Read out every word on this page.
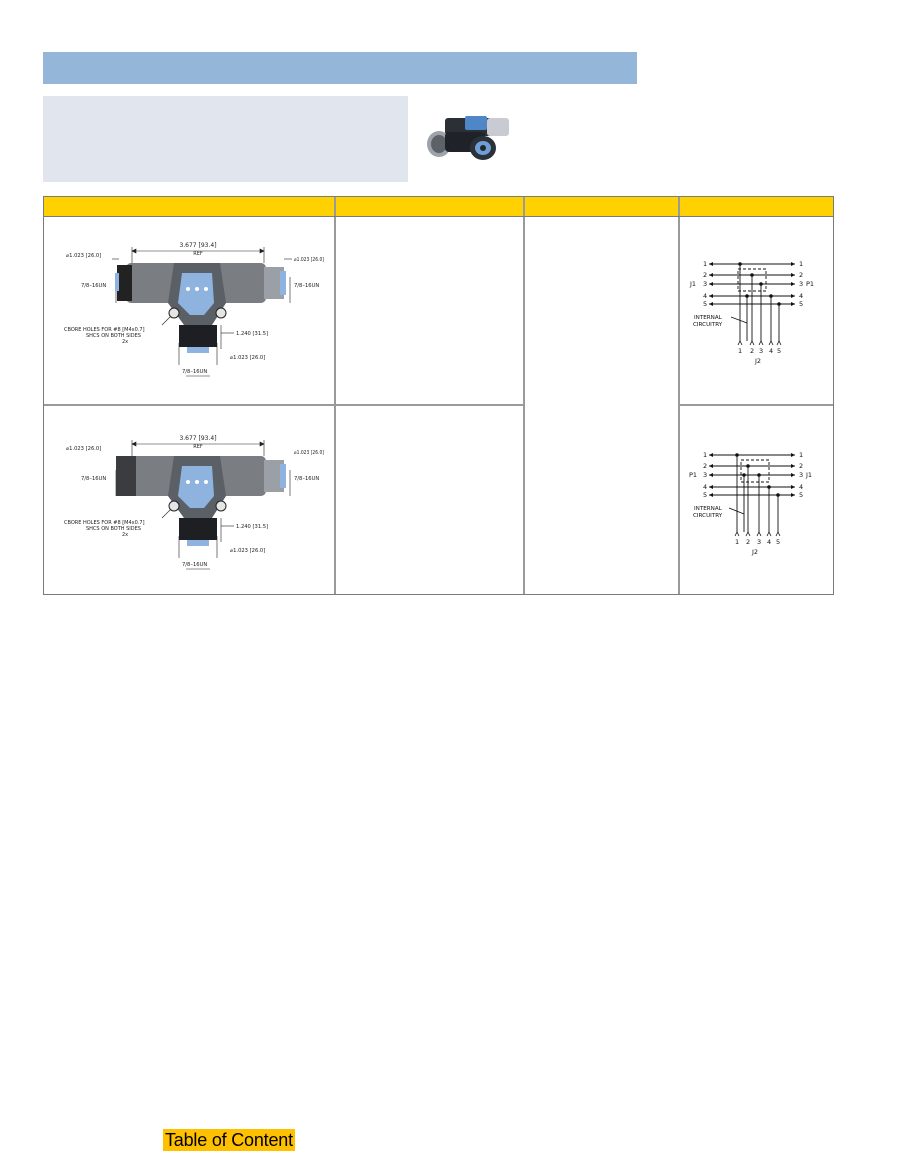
3.677 [93.4]
REF
⌀1.023 [26.0]
⌀1.023 [26.0]
7/8–16UN	7/8–16UN
CBORE HOLES FOR #8 [M4x0.7]
SHCS ON BOTH SIDES
2x
1.240 [31.5]
⌀1.023 [26.0]
7/8–16UN
3.677 [93.4]
REF
⌀1.023 [26.0]
⌀1.023 [26.0]
7/8–16UN	7/8–16UN
CBORE HOLES FOR #8 [M4x0.7]
SHCS ON BOTH SIDES
2x
1.240 [31.5]
⌀1.023 [26.0]
7/8–16UN
1
2
3
4
5
1
2
3
4
5
J1	P1
1 2 3 4 5
J2
INTERNAL
CIRCUITRY
1
2
3
4
5
1
2
3
4
5
P1	J1
1 2 3 4 5
J2
INTERNAL
CIRCUITRY
Table of Content
